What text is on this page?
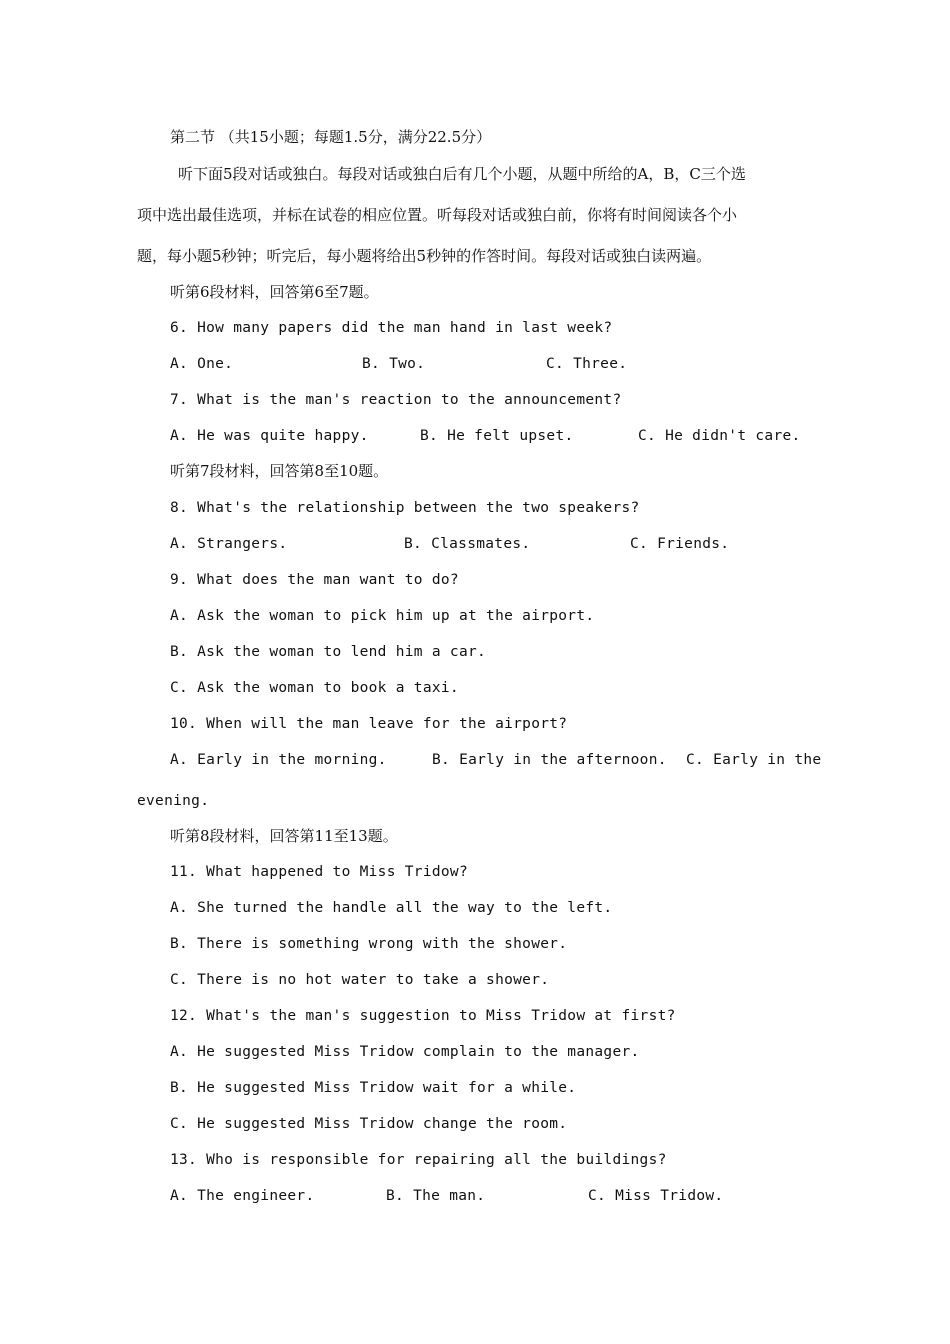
第二节 （共15小题；每题1.5分，满分22.5分）
听下面5段对话或独白。每段对话或独白后有几个小题，从题中所给的A，B，C三个选
项中选出最佳选项，并标在试卷的相应位置。听每段对话或独白前，你将有时间阅读各个小
题，每小题5秒钟；听完后，每小题将给出5秒钟的作答时间。每段对话或独白读两遍。
听第6段材料，回答第6至7题。
6. How many papers did the man hand in last week?
A. One.	B. Two.	C. Three.
7. What is the man's reaction to the announcement?
A. He was quite happy.	B. He felt upset.	C. He didn't care.
听第7段材料，回答第8至10题。
8. What's the relationship between the two speakers?
A. Strangers.	B. Classmates.	C. Friends.
9. What does the man want to do?
A. Ask the woman to pick him up at the airport.
B. Ask the woman to lend him a car.
C. Ask the woman to book a taxi.
10. When will the man leave for the airport?
A. Early in the morning.	B. Early in the afternoon. C. Early in the
evening.
听第8段材料，回答第11至13题。
11. What happened to Miss Tridow?
A. She turned the handle all the way to the left.
B. There is something wrong with the shower.
C. There is no hot water to take a shower.
12. What's the man's suggestion to Miss Tridow at first?
A. He suggested Miss Tridow complain to the manager.
B. He suggested Miss Tridow wait for a while.
C. He suggested Miss Tridow change the room.
13. Who is responsible for repairing all the buildings?
A. The engineer.	B. The man.	C. Miss Tridow.
